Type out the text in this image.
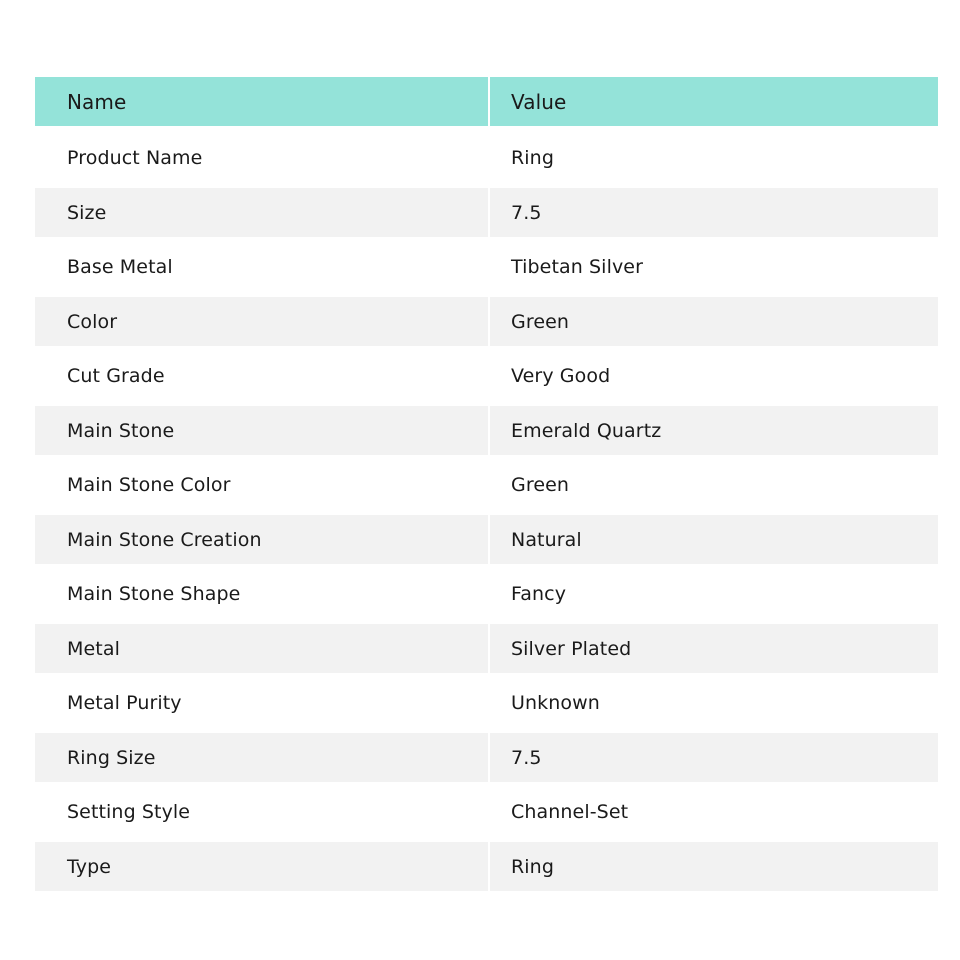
Name	Value
Product Name	Ring
Size	7.5
Base Metal	Tibetan Silver
Color	Green
Cut Grade	Very Good
Main Stone	Emerald Quartz
Main Stone Color	Green
Main Stone Creation	Natural
Main Stone Shape	Fancy
Metal	Silver Plated
Metal Purity	Unknown
Ring Size	7.5
Setting Style	Channel-Set
Type	Ring
